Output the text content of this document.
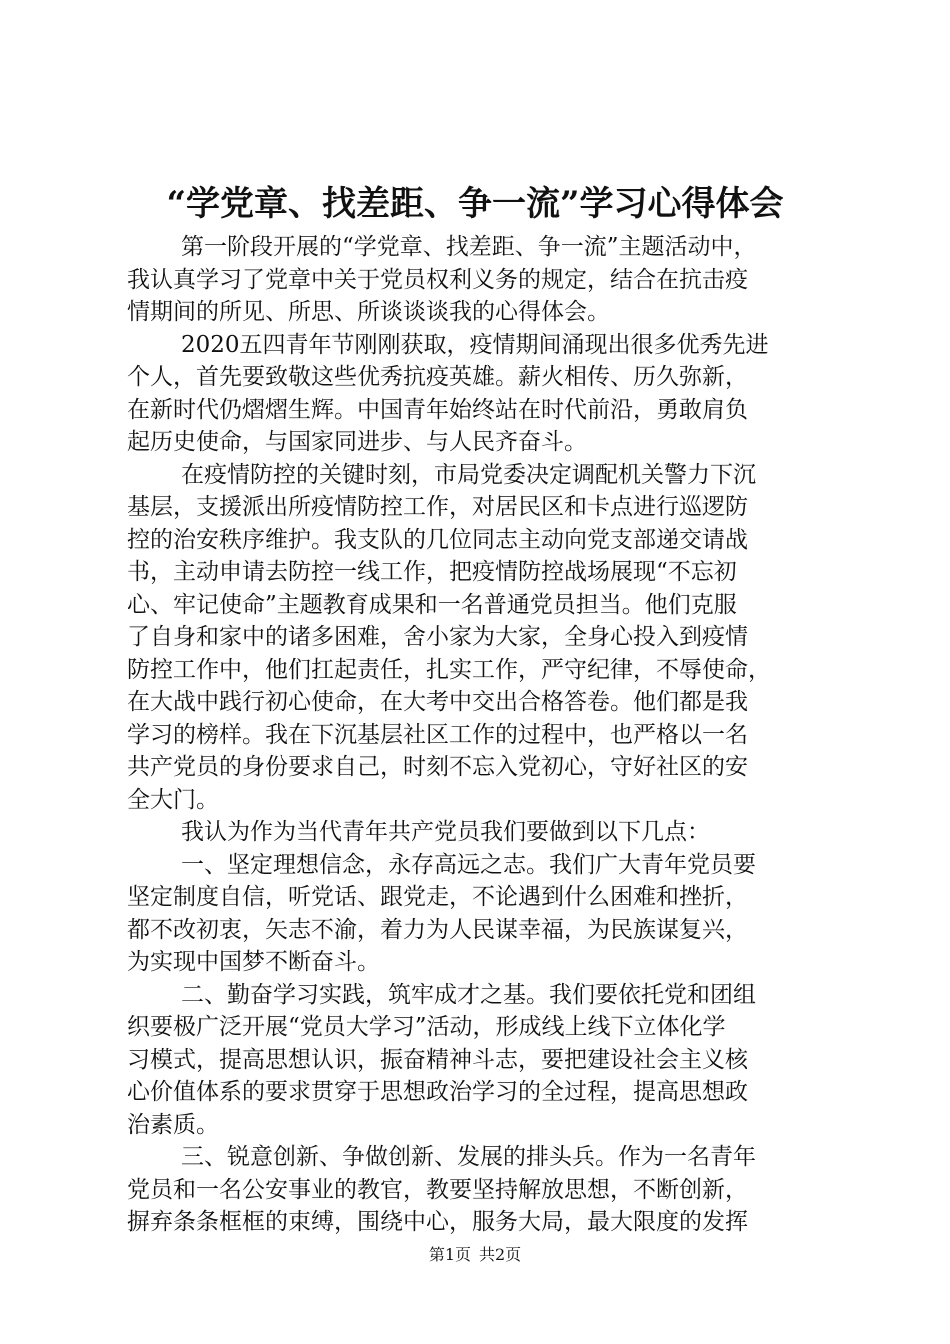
“学党章、找差距、争一流”学习心得体会
第一阶段开展的“学党章、找差距、争一流”主题活动中，
我认真学习了党章中关于党员权利义务的规定，结合在抗击疫
情期间的所见、所思、所谈谈谈我的心得体会。
2020五四青年节刚刚获取，疫情期间涌现出很多优秀先进
个人，首先要致敬这些优秀抗疫英雄。薪火相传、历久弥新，
在新时代仍熠熠生辉。中国青年始终站在时代前沿，勇敢肩负
起历史使命，与国家同进步、与人民齐奋斗。
在疫情防控的关键时刻，市局党委决定调配机关警力下沉
基层，支援派出所疫情防控工作，对居民区和卡点进行巡逻防
控的治安秩序维护。我支队的几位同志主动向党支部递交请战
书，主动申请去防控一线工作，把疫情防控战场展现“不忘初
心、牢记使命”主题教育成果和一名普通党员担当。他们克服
了自身和家中的诸多困难，舍小家为大家，全身心投入到疫情
防控工作中，他们扛起责任，扎实工作，严守纪律，不辱使命，
在大战中践行初心使命，在大考中交出合格答卷。他们都是我
学习的榜样。我在下沉基层社区工作的过程中，也严格以一名
共产党员的身份要求自己，时刻不忘入党初心，守好社区的安
全大门。
我认为作为当代青年共产党员我们要做到以下几点：
一、坚定理想信念，永存高远之志。我们广大青年党员要
坚定制度自信，听党话、跟党走，不论遇到什么困难和挫折，
都不改初衷，矢志不渝，着力为人民谋幸福，为民族谋复兴，
为实现中国梦不断奋斗。
二、勤奋学习实践，筑牢成才之基。我们要依托党和团组
织要极广泛开展“党员大学习”活动，形成线上线下立体化学
习模式，提高思想认识，振奋精神斗志，要把建设社会主义核
心价值体系的要求贯穿于思想政治学习的全过程，提高思想政
治素质。
三、锐意创新、争做创新、发展的排头兵。作为一名青年
党员和一名公安事业的教官，教要坚持解放思想，不断创新，
摒弃条条框框的束缚，围绕中心，服务大局，最大限度的发挥
第1页 共2页
